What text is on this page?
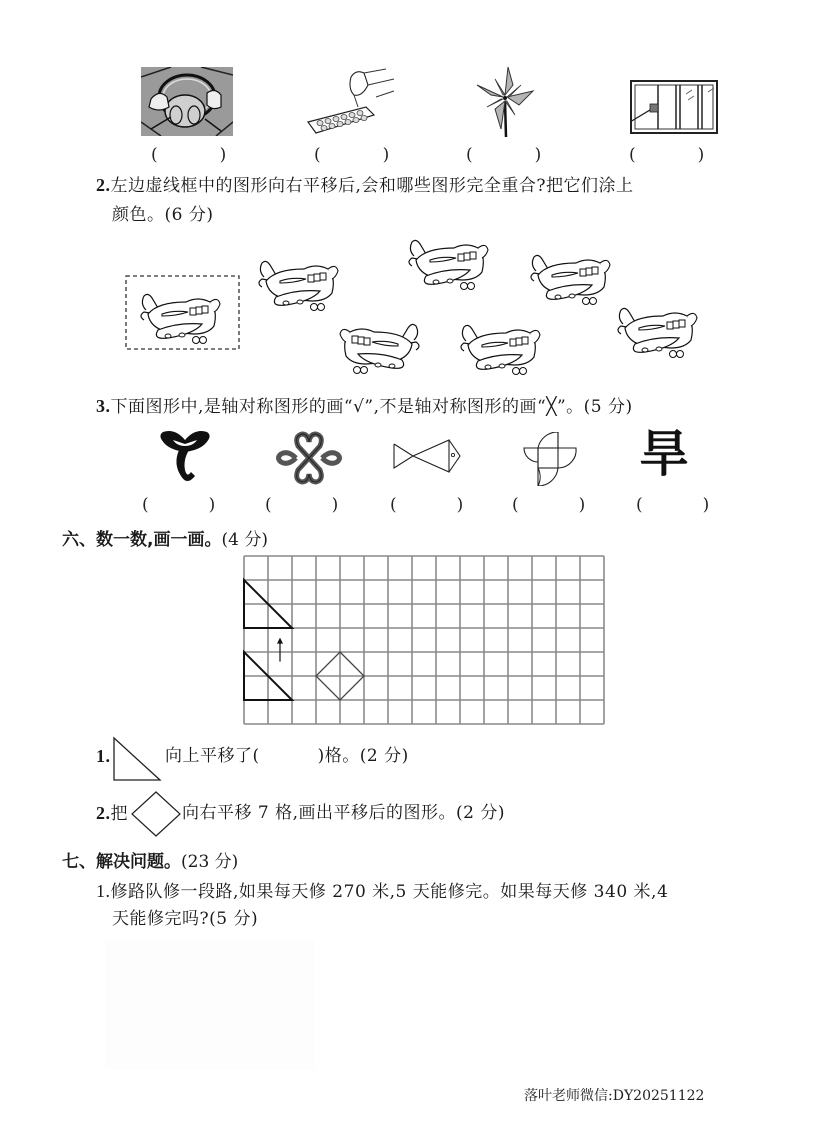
(	)	(	)	(	)	(	)
2.左边虚线框中的图形向右平移后,会和哪些图形完全重合?把它们涂上
颜色。(6 分)
3.下面图形中,是轴对称图形的画“√”,不是轴对称图形的画“╳”。(5 分)
旱
(	)	(	)	(	)	(	)	(	)
六、数一数,画一画。(4 分)
1.	向上平移了(	)格。(2 分)
2.把	向右平移 7 格,画出平移后的图形。(2 分)
七、解决问题。(23 分)
1.修路队修一段路,如果每天修 270 米,5 天能修完。如果每天修 340 米,4
天能修完吗?(5 分)
落叶老师微信:DY20251122
